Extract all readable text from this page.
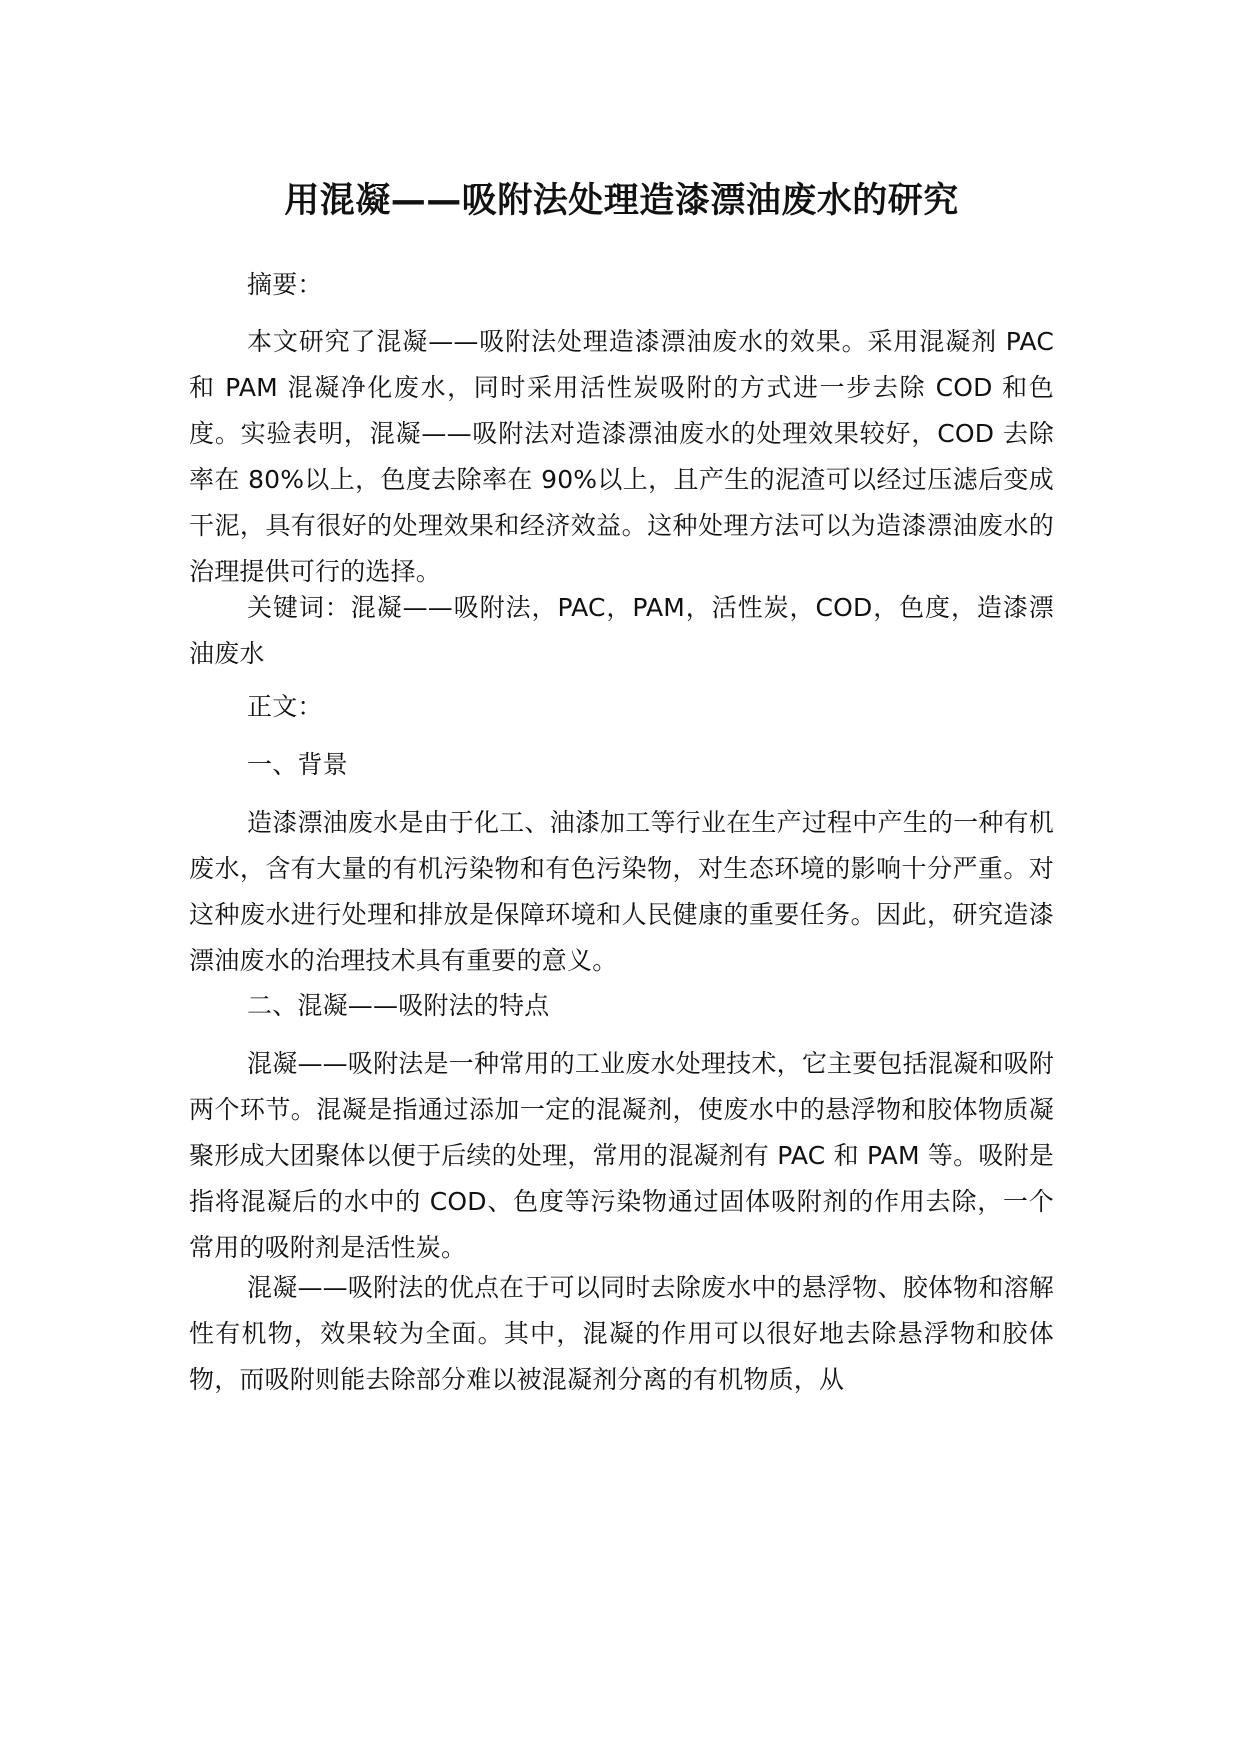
用混凝——吸附法处理造漆漂油废水的研究

摘要：

本文研究了混凝——吸附法处理造漆漂油废水的效果。采用混凝剂 PAC 和 PAM 混凝净化废水，同时采用活性炭吸附的方式进一步去除 COD 和色度。实验表明，混凝——吸附法对造漆漂油废水的处理效果较好，COD 去除率在 80%以上，色度去除率在 90%以上，且产生的泥渣可以经过压滤后变成干泥，具有很好的处理效果和经济效益。这种处理方法可以为造漆漂油废水的治理提供可行的选择。

关键词：混凝——吸附法，PAC，PAM，活性炭，COD，色度，造漆漂油废水

正文：

一、背景

造漆漂油废水是由于化工、油漆加工等行业在生产过程中产生的一种有机废水，含有大量的有机污染物和有色污染物，对生态环境的影响十分严重。对这种废水进行处理和排放是保障环境和人民健康的重要任务。因此，研究造漆漂油废水的治理技术具有重要的意义。

二、混凝——吸附法的特点

混凝——吸附法是一种常用的工业废水处理技术，它主要包括混凝和吸附两个环节。混凝是指通过添加一定的混凝剂，使废水中的悬浮物和胶体物质凝聚形成大团聚体以便于后续的处理，常用的混凝剂有 PAC 和 PAM 等。吸附是指将混凝后的水中的 COD、色度等污染物通过固体吸附剂的作用去除，一个常用的吸附剂是活性炭。

混凝——吸附法的优点在于可以同时去除废水中的悬浮物、胶体物和溶解性有机物，效果较为全面。其中，混凝的作用可以很好地去除悬浮物和胶体物，而吸附则能去除部分难以被混凝剂分离的有机物质，从
